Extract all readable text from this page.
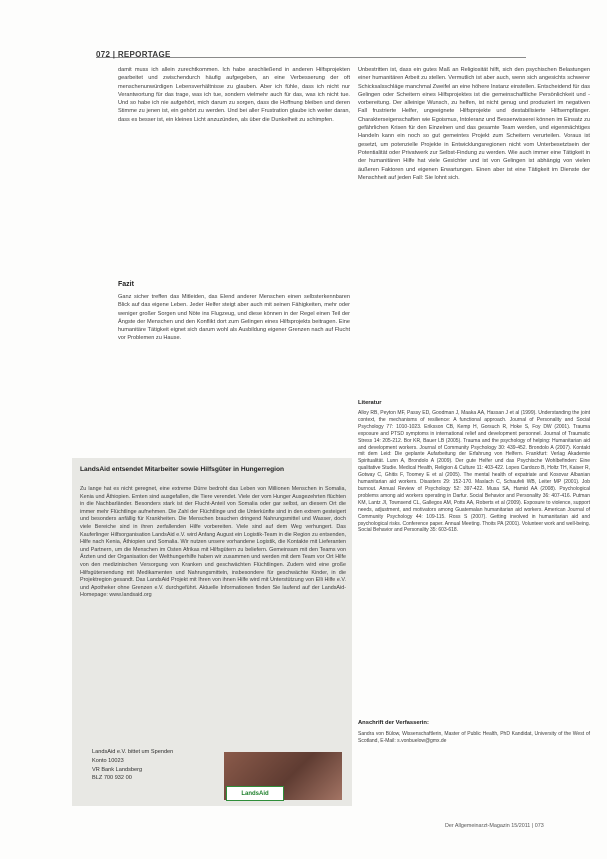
072 | REPORTAGE

damit muss ich allein zurechtkommen. Ich habe anschließend in anderen Hilfsprojekten gearbeitet und zwischendurch häufig aufgegeben, an eine Verbesserung der oft menschenunwürdigen Lebensverhältnisse zu glauben. Aber ich fühle, dass ich nicht nur Verantwortung für das trage, was ich tue, sondern vielmehr auch für das, was ich nicht tue. Und so habe ich nie aufgehört, mich darum zu sorgen, dass die Hoffnung bleiben und deren Stimme zu jenen ist, ein gehört zu werden. Und bei aller Frustration glaube ich weiter daran, dass es besser ist, ein kleines Licht anzuzünden, als über die Dunkelheit zu schimpfen.

Fazit

Ganz sicher treffen das Mitleiden, das Elend anderer Menschen einen selbsterkennbaren Blick auf das eigene Leben. Jeder Helfer steigt aber auch mit seinen Fähigkeiten, mehr oder weniger großer Sorgen und Nöte ins Flugzeug, und diese können in der Regel einen Teil der Ängste der Menschen und den Konflikt dort zum Gelingen eines Hilfsprojekts beitragen. Eine humanitäre Tätigkeit eignet sich darum wohl als Ausbildung eigener Grenzen nach auf Flucht vor Problemen zu Hause.

Unbestritten ist, dass ein gutes Maß an Religiosität hilft, sich den psychischen Belastungen einer humanitären Arbeit zu stellen. Vermutlich ist aber auch, wenn sich angesichts schwerer Schicksalsschläge manchmal Zweifel an eine höhere Instanz einstellen. Entscheidend für das Gelingen oder Scheitern eines Hilfsprojektes ist die gemeinschaftliche Persönlichkeit und -vorbereitung. Der alleinige Wunsch, zu helfen, ist nicht genug und produziert im negativen Fall frustrierte Helfer, ungeeignete Hilfsprojekte und destabilisierte Hilfsempfänger. Charakterseigenschaften wie Egoismus, Intoleranz und Besserwisserei können im Einsatz zu gefährlichen Krisen für den Einzelnen und das gesamte Team werden, und eigenmächtiges Handeln kann ein noch so gut gemeintes Projekt zum Scheitern verurteilen. Voraus ist gesetzt, um potenzielle Projekte in Entwicklungsregionen nicht vom Unterbesetztsein der Potentialität oder Privatwerk zur Selbst-Findung zu werden. Wie auch immer eine Tätigkeit in der humanitären Hilfe hat viele Gesichter und ist von Gelingen ist abhängig von vielen äußeren Faktoren und eigenen Erwartungen. Einen aber ist eine Tätigkeit im Dienste der Menschheit auf jeden Fall: Sie lohnt sich.

LandsAid entsendet Mitarbeiter sowie Hilfsgüter in Hungerregion

Zu lange hat es nicht geregnet, eine extreme Dürre bedroht das Leben von Millionen Menschen in Somalia, Kenia und Äthiopien. Ernten sind ausgefallen, die Tiere verendet. Viele der vom Hunger Ausgezehrten flüchten in die Nachbarländer. Besonders stark ist der Flucht-Anteil von Somalia oder gar selbst, an diesem Ort die immer mehr Flüchtlinge aufnehmen. Die Zahl der Flüchtlinge und die Unterkünfte sind in den extrem gesteigert und besonders anfällig für Krankheiten. Die Menschen brauchen dringend Nahrungsmittel und Wasser, doch viele Bereiche sind in ihren zerfallenden Hilfe vorbereiten. Viele sind auf dem Weg verhungert. Das Kauferlinger Hilfsorganisation LandsAid e.V. wird Anfang August ein Logistik-Team in die Region zu entsenden, Hilfe nach Kenia, Äthiopien und Somalia. Wir nutzen unsere vorhandene Logistik, die Kontakte mit Lieferanten und Partnern, um die Menschen im Osten Afrikas mit Hilfsgütern zu beliefern. Gemeinsam mit den Teams von Ärzten und der Organisation der Welthungerhilfe haben wir zusammen und werden mit dem Team vor Ort Hilfe von den medizinischen Versorgung von Kranken und geschwächten Flüchtlingen. Zudem wird eine große Hilfsgütersendung mit Medikamenten und Nahrungsmitteln, insbesondere für geschwächte Kinder, in die Projektregion gesandt. Das LandsAid Projekt mit Ihren von ihnen Hilfe wird mit Unterstützung von Elli Hilfe e.V. und Apotheker ohne Grenzen e.V. durchgeführt. Aktuelle Informationen finden Sie laufend auf der LandsAid-Homepage: www.landsaid.org

LandsAid e.V. bittet um Spenden
Konto 10023
VR Bank Landsberg
BLZ 700 932 00
LandsAid
Literatur

Alloy RB, Peyton MF, Passy ED, Goodman J, Maaka AA, Hassan J et al (1999). Understanding the joint context, the mechanisms of resilience: A functional approach. Journal of Personality and Social Psychology 77: 1010-1023. Eriksson CB, Kemp H, Gorsuch R, Hoke S, Foy DW (2001). Trauma exposure and PTSD symptoms in international relief and development personnel. Journal of Traumatic Stress 14: 205-212. Bor KR, Bauer LB (2005). Trauma and the psychology of helping: Humanitarian aid and development workers. Journal of Community Psychology 30: 439-452. Brondolo A (2007). Kontakt mit dem Leid: Die geplante Aufarbeitung der Erfahrung von Helfern. Frankfurt: Verlag Akademie Spiritualität. Lunn A, Brondolo A (2009). Der gute Helfer und das Psychische Wohlbefinden: Eine qualitative Studie. Medical Health, Religion & Culture 11: 403-422. Lopes Cardozo B, Holtz TH, Kaiser R, Gotway C, Ghitis F, Toomey E et al (2005). The mental health of expatriate and Kosovar Albanian humanitarian aid workers. Disasters 29: 152-170. Maslach C, Schaufeli WB, Leiter MP (2001). Job burnout. Annual Review of Psychology 52: 397-422. Musa SA, Hamid AA (2008). Psychological problems among aid workers operating in Darfur. Social Behavior and Personality 36: 407-416. Putman KM, Lantz JI, Townsend CL, Gallegos AM, Potts AA, Roberts et al (2009). Exposure to violence, support needs, adjustment, and motivators among Guatemalan humanitarian aid workers. American Journal of Community Psychology 44: 109-115. Ross S (2007). Getting involved in humanitarian aid and psychological risks. Conference paper. Annual Meeting. Thoits PA (2001). Volunteer work and well-being. Social Behavior and Personality 35: 603-618.

Anschrift der Verfasserin:

Sandra von Bülow, Wissenschaftlerin, Master of Public Health, PhD Kandidat, University of the West of Scotland, E-Mail: s.vonbuelow@gmx.de

Der Allgemeinarzt-Magazin 15/2011 | 073
